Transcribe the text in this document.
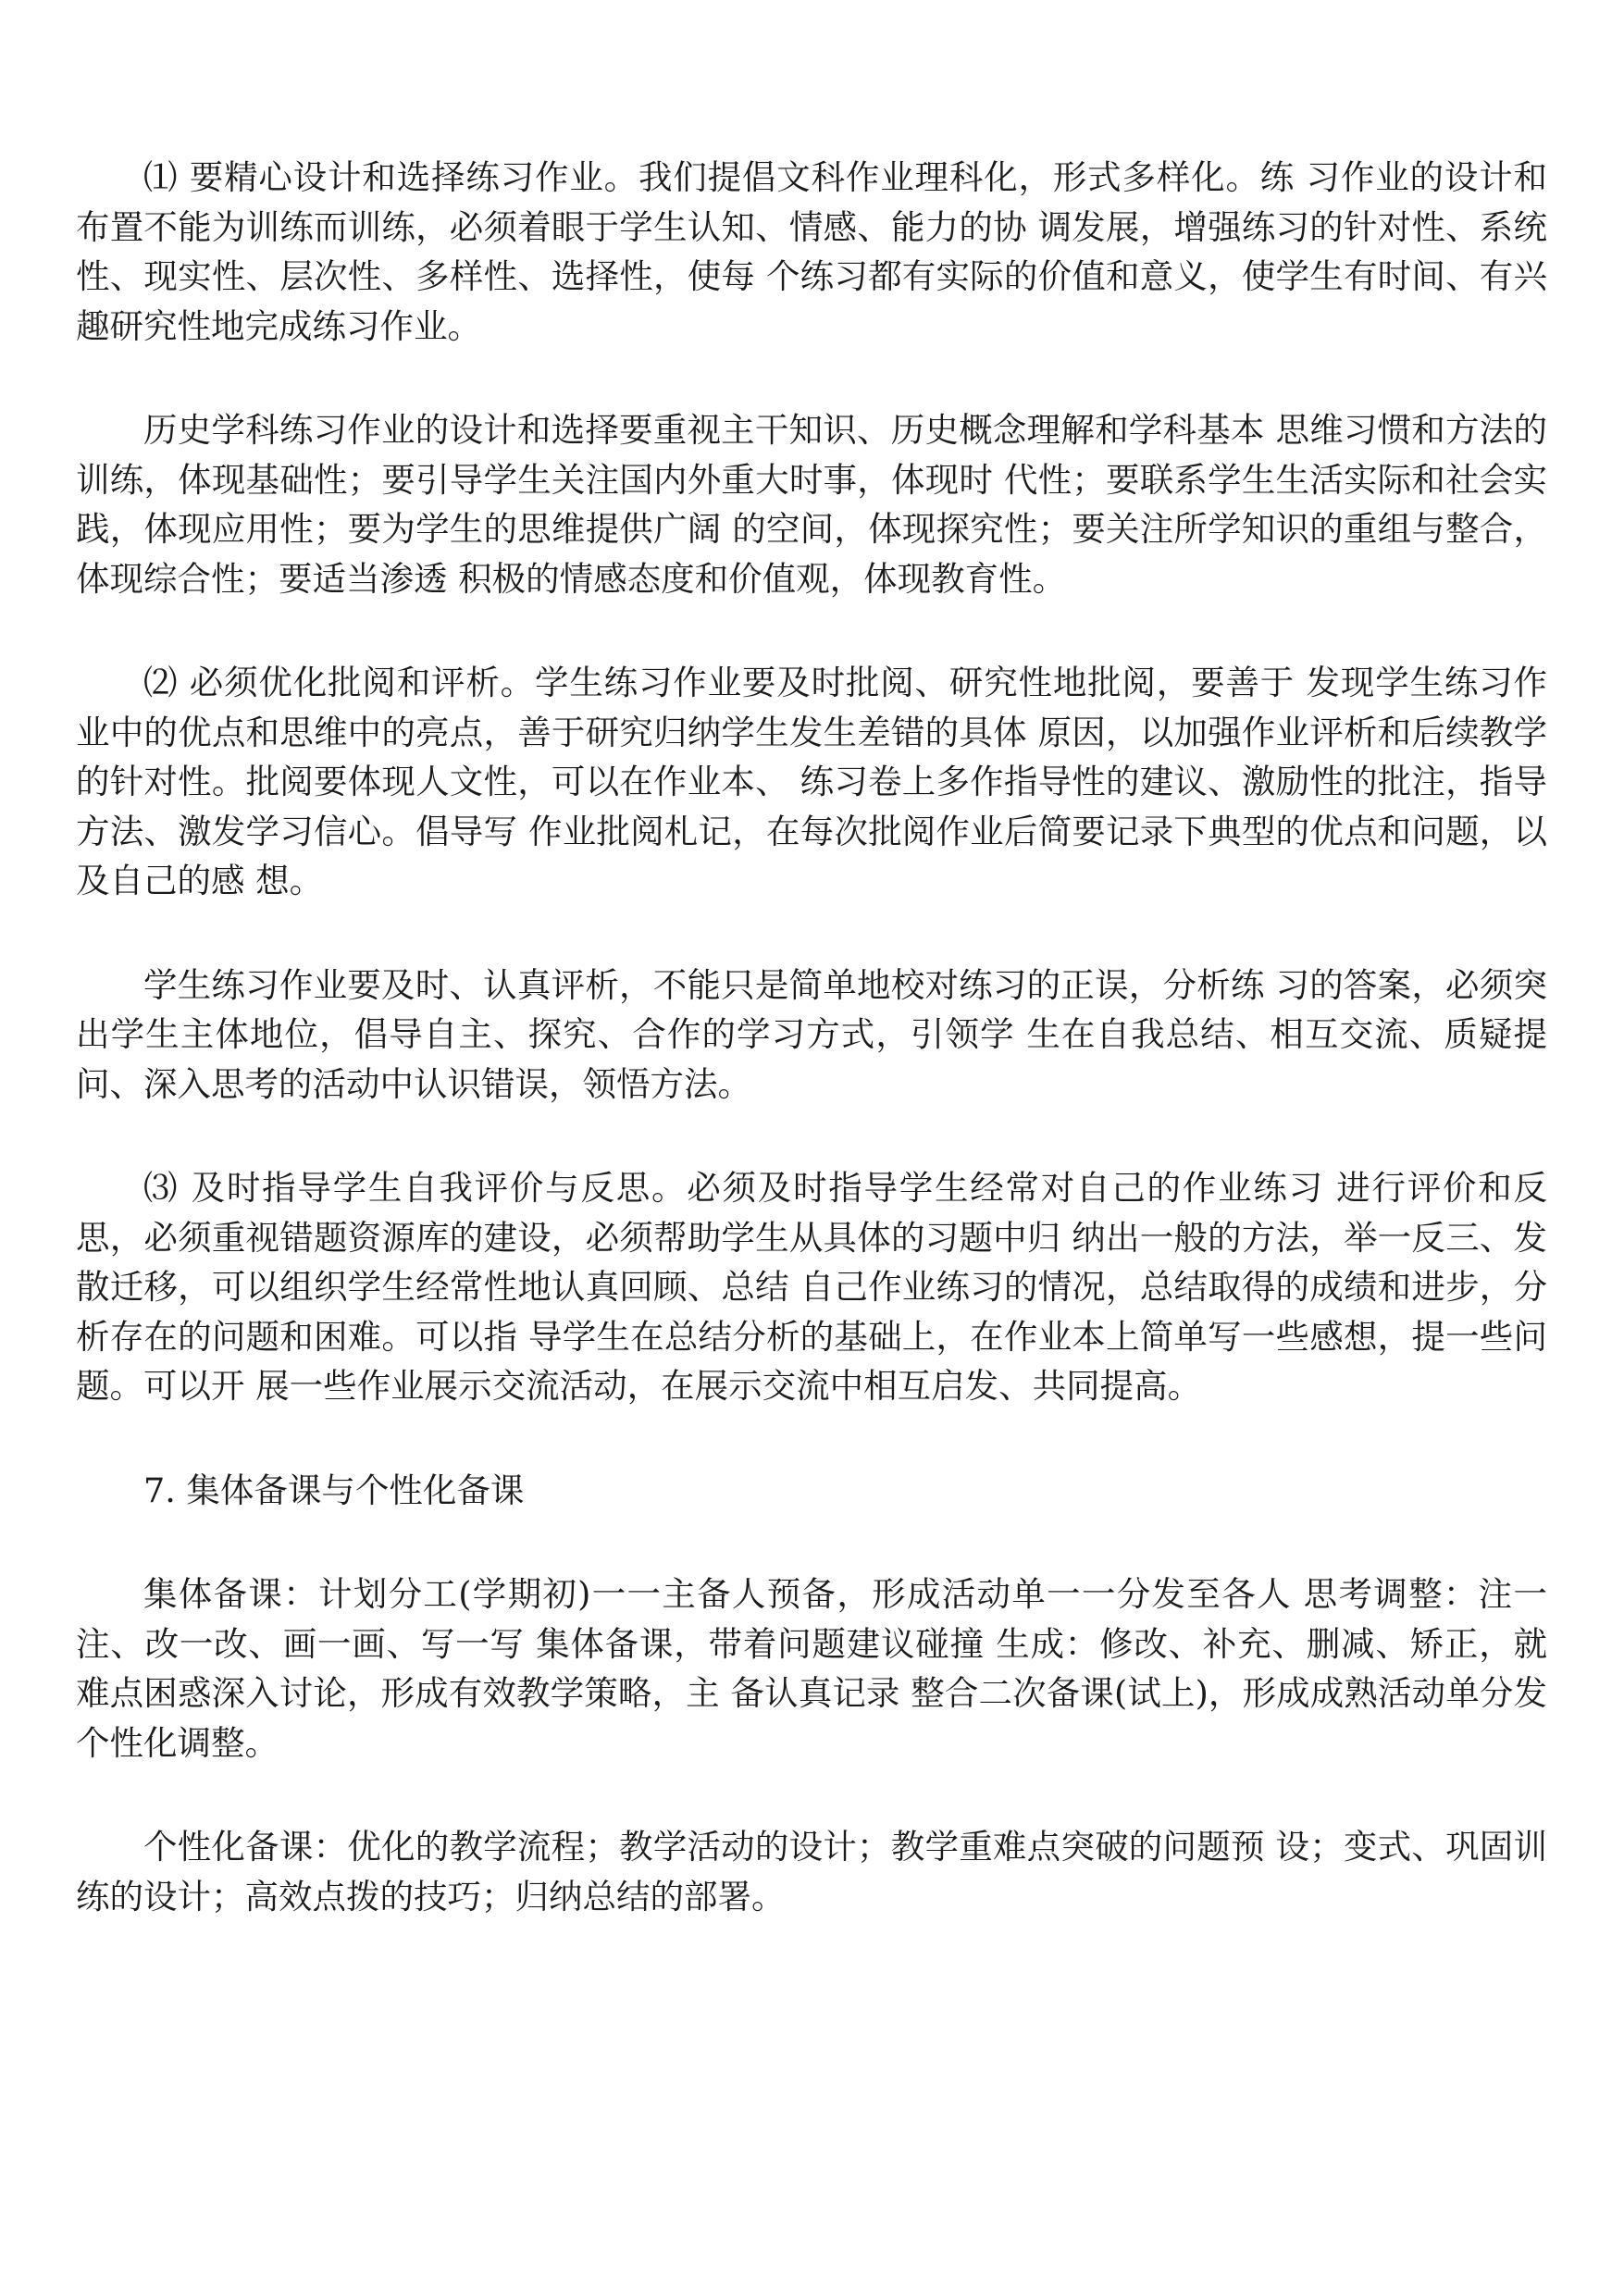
⑴ 要精心设计和选择练习作业。我们提倡文科作业理科化，形式多样化。练 习作业的设计和布置不能为训练而训练，必须着眼于学生认知、情感、能力的协 调发展，增强练习的针对性、系统性、现实性、层次性、多样性、选择性，使每 个练习都有实际的价值和意义，使学生有时间、有兴趣研究性地完成练习作业。

历史学科练习作业的设计和选择要重视主干知识、历史概念理解和学科基本 思维习惯和方法的训练，体现基础性；要引导学生关注国内外重大时事，体现时 代性；要联系学生生活实际和社会实践，体现应用性；要为学生的思维提供广阔 的空间，体现探究性；要关注所学知识的重组与整合，体现综合性；要适当渗透 积极的情感态度和价值观，体现教育性。

⑵ 必须优化批阅和评析。学生练习作业要及时批阅、研究性地批阅，要善于 发现学生练习作业中的优点和思维中的亮点，善于研究归纳学生发生差错的具体 原因，以加强作业评析和后续教学的针对性。批阅要体现人文性，可以在作业本、 练习卷上多作指导性的建议、激励性的批注，指导方法、激发学习信心。倡导写 作业批阅札记，在每次批阅作业后简要记录下典型的优点和问题，以及自己的感 想。

学生练习作业要及时、认真评析，不能只是简单地校对练习的正误，分析练 习的答案，必须突出学生主体地位，倡导自主、探究、合作的学习方式，引领学 生在自我总结、相互交流、质疑提问、深入思考的活动中认识错误，领悟方法。

⑶ 及时指导学生自我评价与反思。必须及时指导学生经常对自己的作业练习 进行评价和反思，必须重视错题资源库的建设，必须帮助学生从具体的习题中归 纳出一般的方法，举一反三、发散迁移，可以组织学生经常性地认真回顾、总结 自己作业练习的情况，总结取得的成绩和进步，分析存在的问题和困难。可以指 导学生在总结分析的基础上，在作业本上简单写一些感想，提一些问题。可以开 展一些作业展示交流活动，在展示交流中相互启发、共同提高。

7. 集体备课与个性化备课

集体备课：计划分工(学期初)一一主备人预备，形成活动单一一分发至各人 思考调整：注一注、改一改、画一画、写一写 集体备课，带着问题建议碰撞 生成：修改、补充、删减、矫正，就难点困惑深入讨论，形成有效教学策略，主 备认真记录 整合二次备课(试上)，形成成熟活动单分发 个性化调整。

个性化备课：优化的教学流程；教学活动的设计；教学重难点突破的问题预 设；变式、巩固训练的设计；高效点拨的技巧；归纳总结的部署。
